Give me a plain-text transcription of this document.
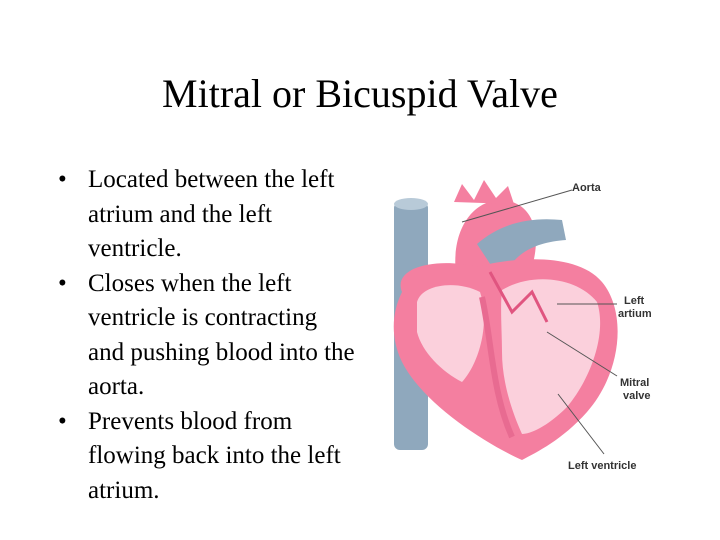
Mitral or Bicuspid Valve
• Located between the left atrium and the left ventricle.
• Closes when the left ventricle is contracting and pushing blood into the aorta.
• Prevents blood from flowing back into the left atrium.
Aorta
Left
artium
Mitral
valve
Left ventricle
